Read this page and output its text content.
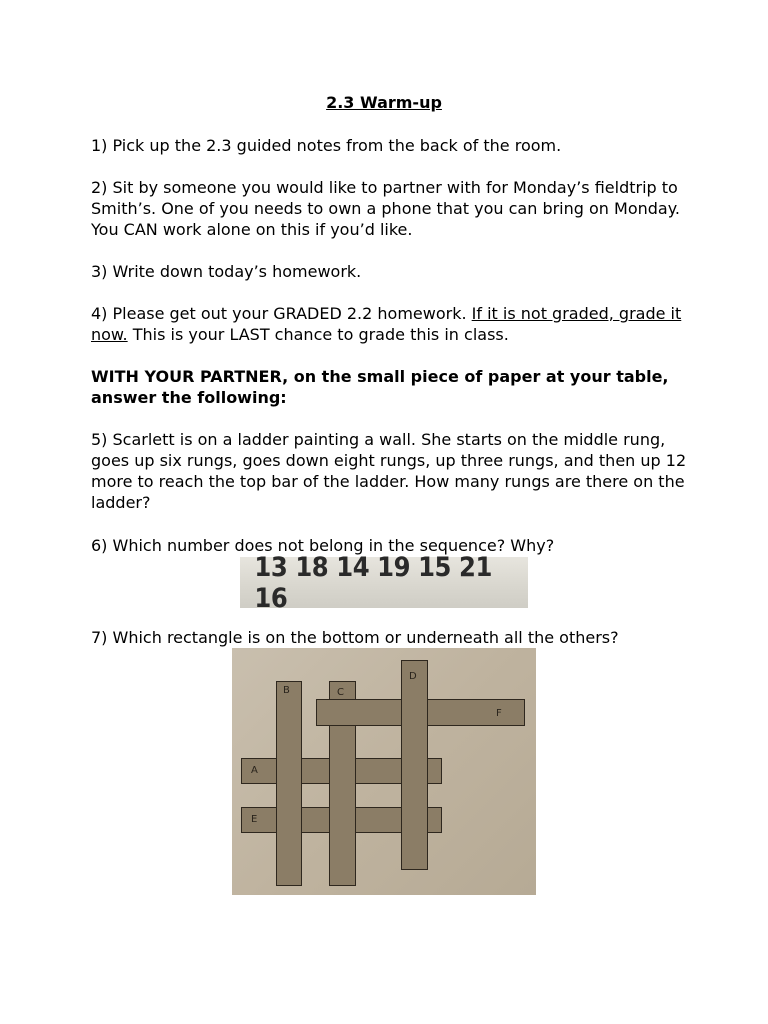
2.3 Warm-up

1) Pick up the 2.3 guided notes from the back of the room.

2) Sit by someone you would like to partner with for Monday’s fieldtrip to Smith’s. One of you needs to own a phone that you can bring on Monday. You CAN work alone on this if you’d like.

3) Write down today’s homework.

4) Please get out your GRADED 2.2 homework. If it is not graded, grade it now. This is your LAST chance to grade this in class.

WITH YOUR PARTNER, on the small piece of paper at your table, answer the following:

5) Scarlett is on a ladder painting a wall. She starts on the middle rung, goes up six rungs, goes down eight rungs, up three rungs, and then up 12 more to reach the top bar of the ladder. How many rungs are there on the ladder?

6) Which number does not belong in the sequence? Why?

13 18 14 19 15 21 16

7) Which rectangle is on the bottom or underneath all the others?

B	C
D
F
A
E
